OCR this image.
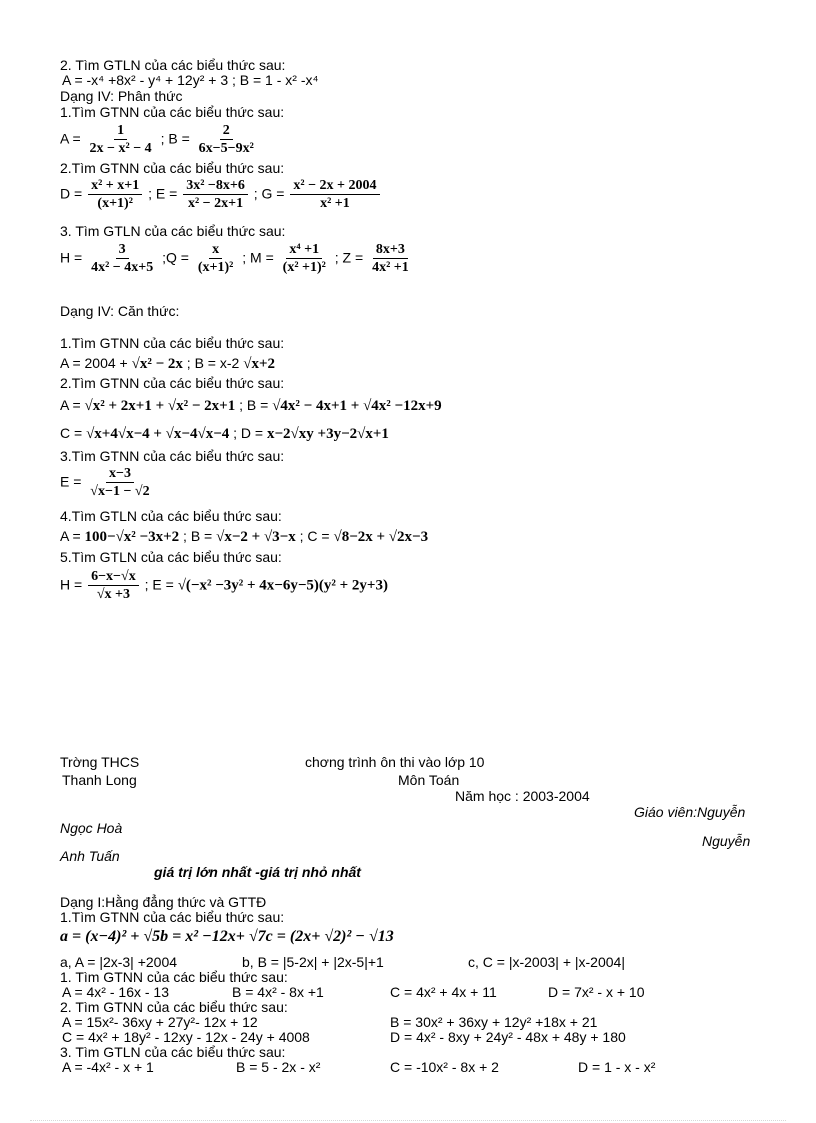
2. Tìm GTLN của các biểu thức sau:
A = -x⁴ +8x² - y⁴ + 12y² + 3 ; B = 1 - x² -x⁴
Dạng IV: Phân thức
1.Tìm GTNN của các biểu thức sau:
$A = \frac{1}{\text{2x − x² − 4}}$ ; $B = \frac{2}{\text{6x−5−9x²}}$
2.Tìm GTNN của các biểu thức sau:
$D = \frac{\text{x² + x+1}}{\text{(x+1)²}}$ ; $E = \frac{\text{3x² −8x+6}}{\text{x² − 2x+1}}$ ; $G = \frac{\text{x² − 2x + 2004}}{\text{x² +1}}$
3. Tìm GTLN của các biểu thức sau:
$H = \frac{3}{\text{4x² − 4x+5}}$ ;Q = $\frac{x}{\text{(x+1)²}}$ ; $M = \frac{\text{x⁴ +1}}{\text{(x² +1)²}}$ ; $Z = \frac{8x+3}{\text{4x² +1}}$
Dạng IV: Căn thức:
1.Tìm GTNN của các biểu thức sau:
A = 2004 + √x² − 2x ; B = x-2 √x+2
2.Tìm GTNN của các biểu thức sau:
A = √x² + 2x+1 + √x² − 2x+1 ; B = √4x² − 4x+1 + √4x² −12x+9
C = √x+4√x−4 + √x−4√x−4 ; D = x−2√xy +3y−2√x+1
3.Tìm GTNN của các biểu thức sau:
$E = \frac{x-3}{√x-1 - √2}$
4.Tìm GTLN của các biểu thức sau:
A = 100−√x² −3x+2 ; B = √x−2 + √3−x ; C = √8−2x + √2x−3
5.Tìm GTLN của các biểu thức sau:
$H = \frac{6-x-√x}{√x +3}$ ; E = √(−x² −3y² + 4x−6y−5)(y² + 2y+3)
Trờng THCS	chơng trình ôn thi vào lớp 10
Thanh Long	Môn Toán
Năm học : 2003-2004
Giáo viên:Nguyễn
Ngọc Hoà
Nguyễn
Anh Tuấn
giá trị lớn nhất -giá trị nhỏ nhất
Dạng I:Hằng đẳng thức và GTTĐ
1.Tìm GTNN của các biểu thức sau:
a = (x−4)² + √5b = x² −12x+ √7c = (2x+ √2)² − √13
a, A = |2x-3| +2004	b, B = |5-2x| + |2x-5|+1	c, C = |x-2003| + |x-2004|
1. Tìm GTNN của các biểu thức sau:
A = 4x² - 16x - 13	B = 4x² - 8x +1	C = 4x² + 4x + 11	D = 7x² - x + 10
2. Tìm GTNN của các biểu thức sau:
A = 15x²- 36xy + 27y²- 12x + 12	B = 30x² + 36xy + 12y² +18x + 21
C = 4x² + 18y² - 12xy - 12x - 24y + 4008	D = 4x² - 8xy + 24y² - 48x + 48y + 180
3. Tìm GTLN của các biểu thức sau:
A = -4x² - x + 1	B = 5 - 2x - x²	C = -10x² - 8x + 2	D = 1 - x - x²
